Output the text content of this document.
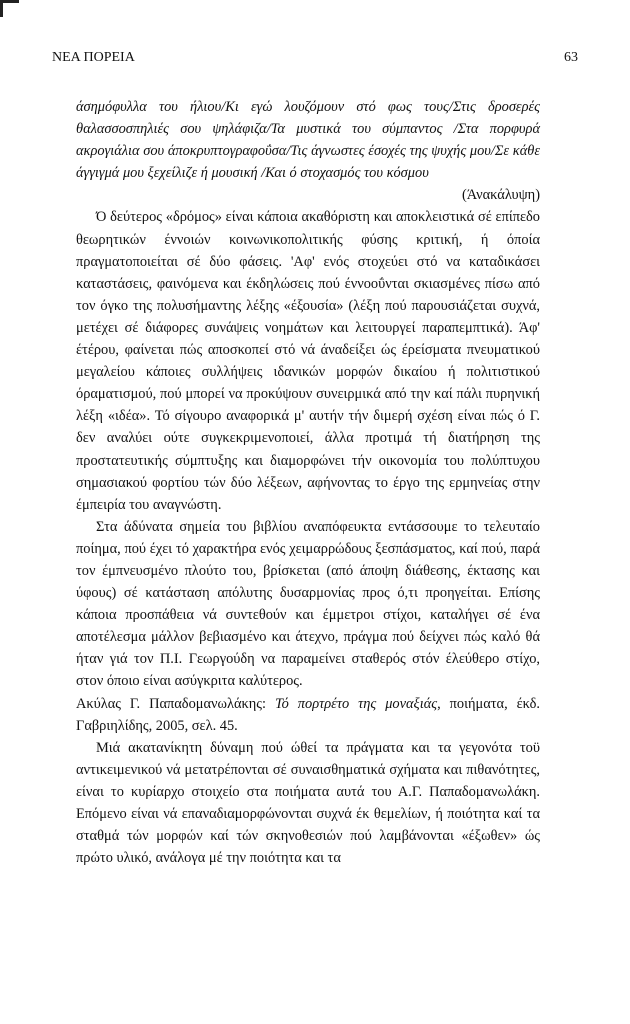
ΝΕΑ ΠΟΡΕΙΑ	63

άσημόφυλλα του ήλιου/Κι εγώ λουζόμουν στό φως τους/Στις δροσερές θαλασσοσπηλιές σου ψηλάφιζα/Τα μυστικά του σύμπαντος /Στα πορφυρά ακρογιάλια σου άποκρυπτογραφοΰσα/Τις άγνωστες έσοχές της ψυχής μου/Σε κάθε άγγιγμά μου ξεχείλιζε ή μουσική /Και ό στοχασμός του κόσμου

(Άνακάλυψη)

Ό δεύτερος «δρόμος» είναι κάποια ακαθόριστη και αποκλειστικά σέ επίπεδο θεωρητικών έννοιών κοινωνικοπολιτικής φύσης κριτική, ή όποία πραγματοποιείται σέ δύο φάσεις. 'Αφ' ενός στοχεύει στό να καταδικάσει καταστάσεις, φαινόμενα και έκδηλώσεις πού έννοοΰνται σκιασμένες πίσω από τον όγκο της πολυσήμαντης λέξης «έξουσία» (λέξη πού παρουσιάζεται συχνά, μετέχει σέ διάφορες συνάψεις νοημάτων και λειτουργεί παραπεμπτικά). Άφ' έτέρου, φαίνεται πώς αποσκοπεί στό νά άναδείξει ώς έρείσματα πνευματικού μεγαλείου κάποιες συλλήψεις ιδανικών μορφών δικαίου ή πολιτιστικού όραματισμού, πού μπορεί να προκύψουν συνειρμικά από την καί πάλι πυρηνική λέξη «ιδέα». Τό σίγουρο αναφορικά μ' αυτήν τήν διμερή σχέση είναι πώς ό Γ. δεν αναλύει ούτε συγκεκριμενοποιεί, άλλα προτιμά τή διατήρηση της προστατευτικής σύμπτυξης και διαμορφώνει τήν οικονομία του πολύπτυχου σημασιακού φορτίου τών δύο λέξεων, αφήνοντας το έργο της ερμηνείας στην έμπειρία του αναγνώστη.

Στα άδύνατα σημεία του βιβλίου αναπόφευκτα εντάσσουμε το τελευταίο ποίημα, πού έχει τό χαρακτήρα ενός χειμαρρώδους ξεσπάσματος, καί πού, παρά τον έμπνευσμένο πλούτο του, βρίσκεται (από άποψη διάθεσης, έκτασης και ύφους) σέ κατάσταση απόλυτης δυσαρμονίας προς ό,τι προηγείται. Επίσης κάποια προσπάθεια νά συντεθούν και έμμετροι στίχοι, καταλήγει σέ ένα αποτέλεσμα μάλλον βεβιασμένο και άτεχνο, πράγμα πού δείχνει πώς καλό θά ήταν γιά τον Π.Ι. Γεωργούδη να παραμείνει σταθερός στόν έλεύθερο στίχο, στον όποιο είναι ασύγκριτα καλύτερος.

Ακύλας Γ. Παπαδομανωλάκης: Τό πορτρέτο της μοναξιάς, ποιήματα, έκδ. Γαβριηλίδης, 2005, σελ. 45.

Μιά ακατανίκητη δύναμη πού ώθεί τα πράγματα και τα γεγονότα τοϋ αντικειμενικού νά μετατρέπονται σέ συναισθηματικά σχήματα και πιθανότητες, είναι το κυρίαρχο στοιχείο στα ποιήματα αυτά του Α.Γ. Παπαδομανωλάκη. Επόμενο είναι νά επαναδιαμορφώνονται συχνά έκ θεμελίων, ή ποιότητα καί τα σταθμά τών μορφών καί τών σκηνοθεσιών πού λαμβάνονται «έξωθεν» ώς πρώτο υλικό, ανάλογα μέ την ποιότητα και τα
